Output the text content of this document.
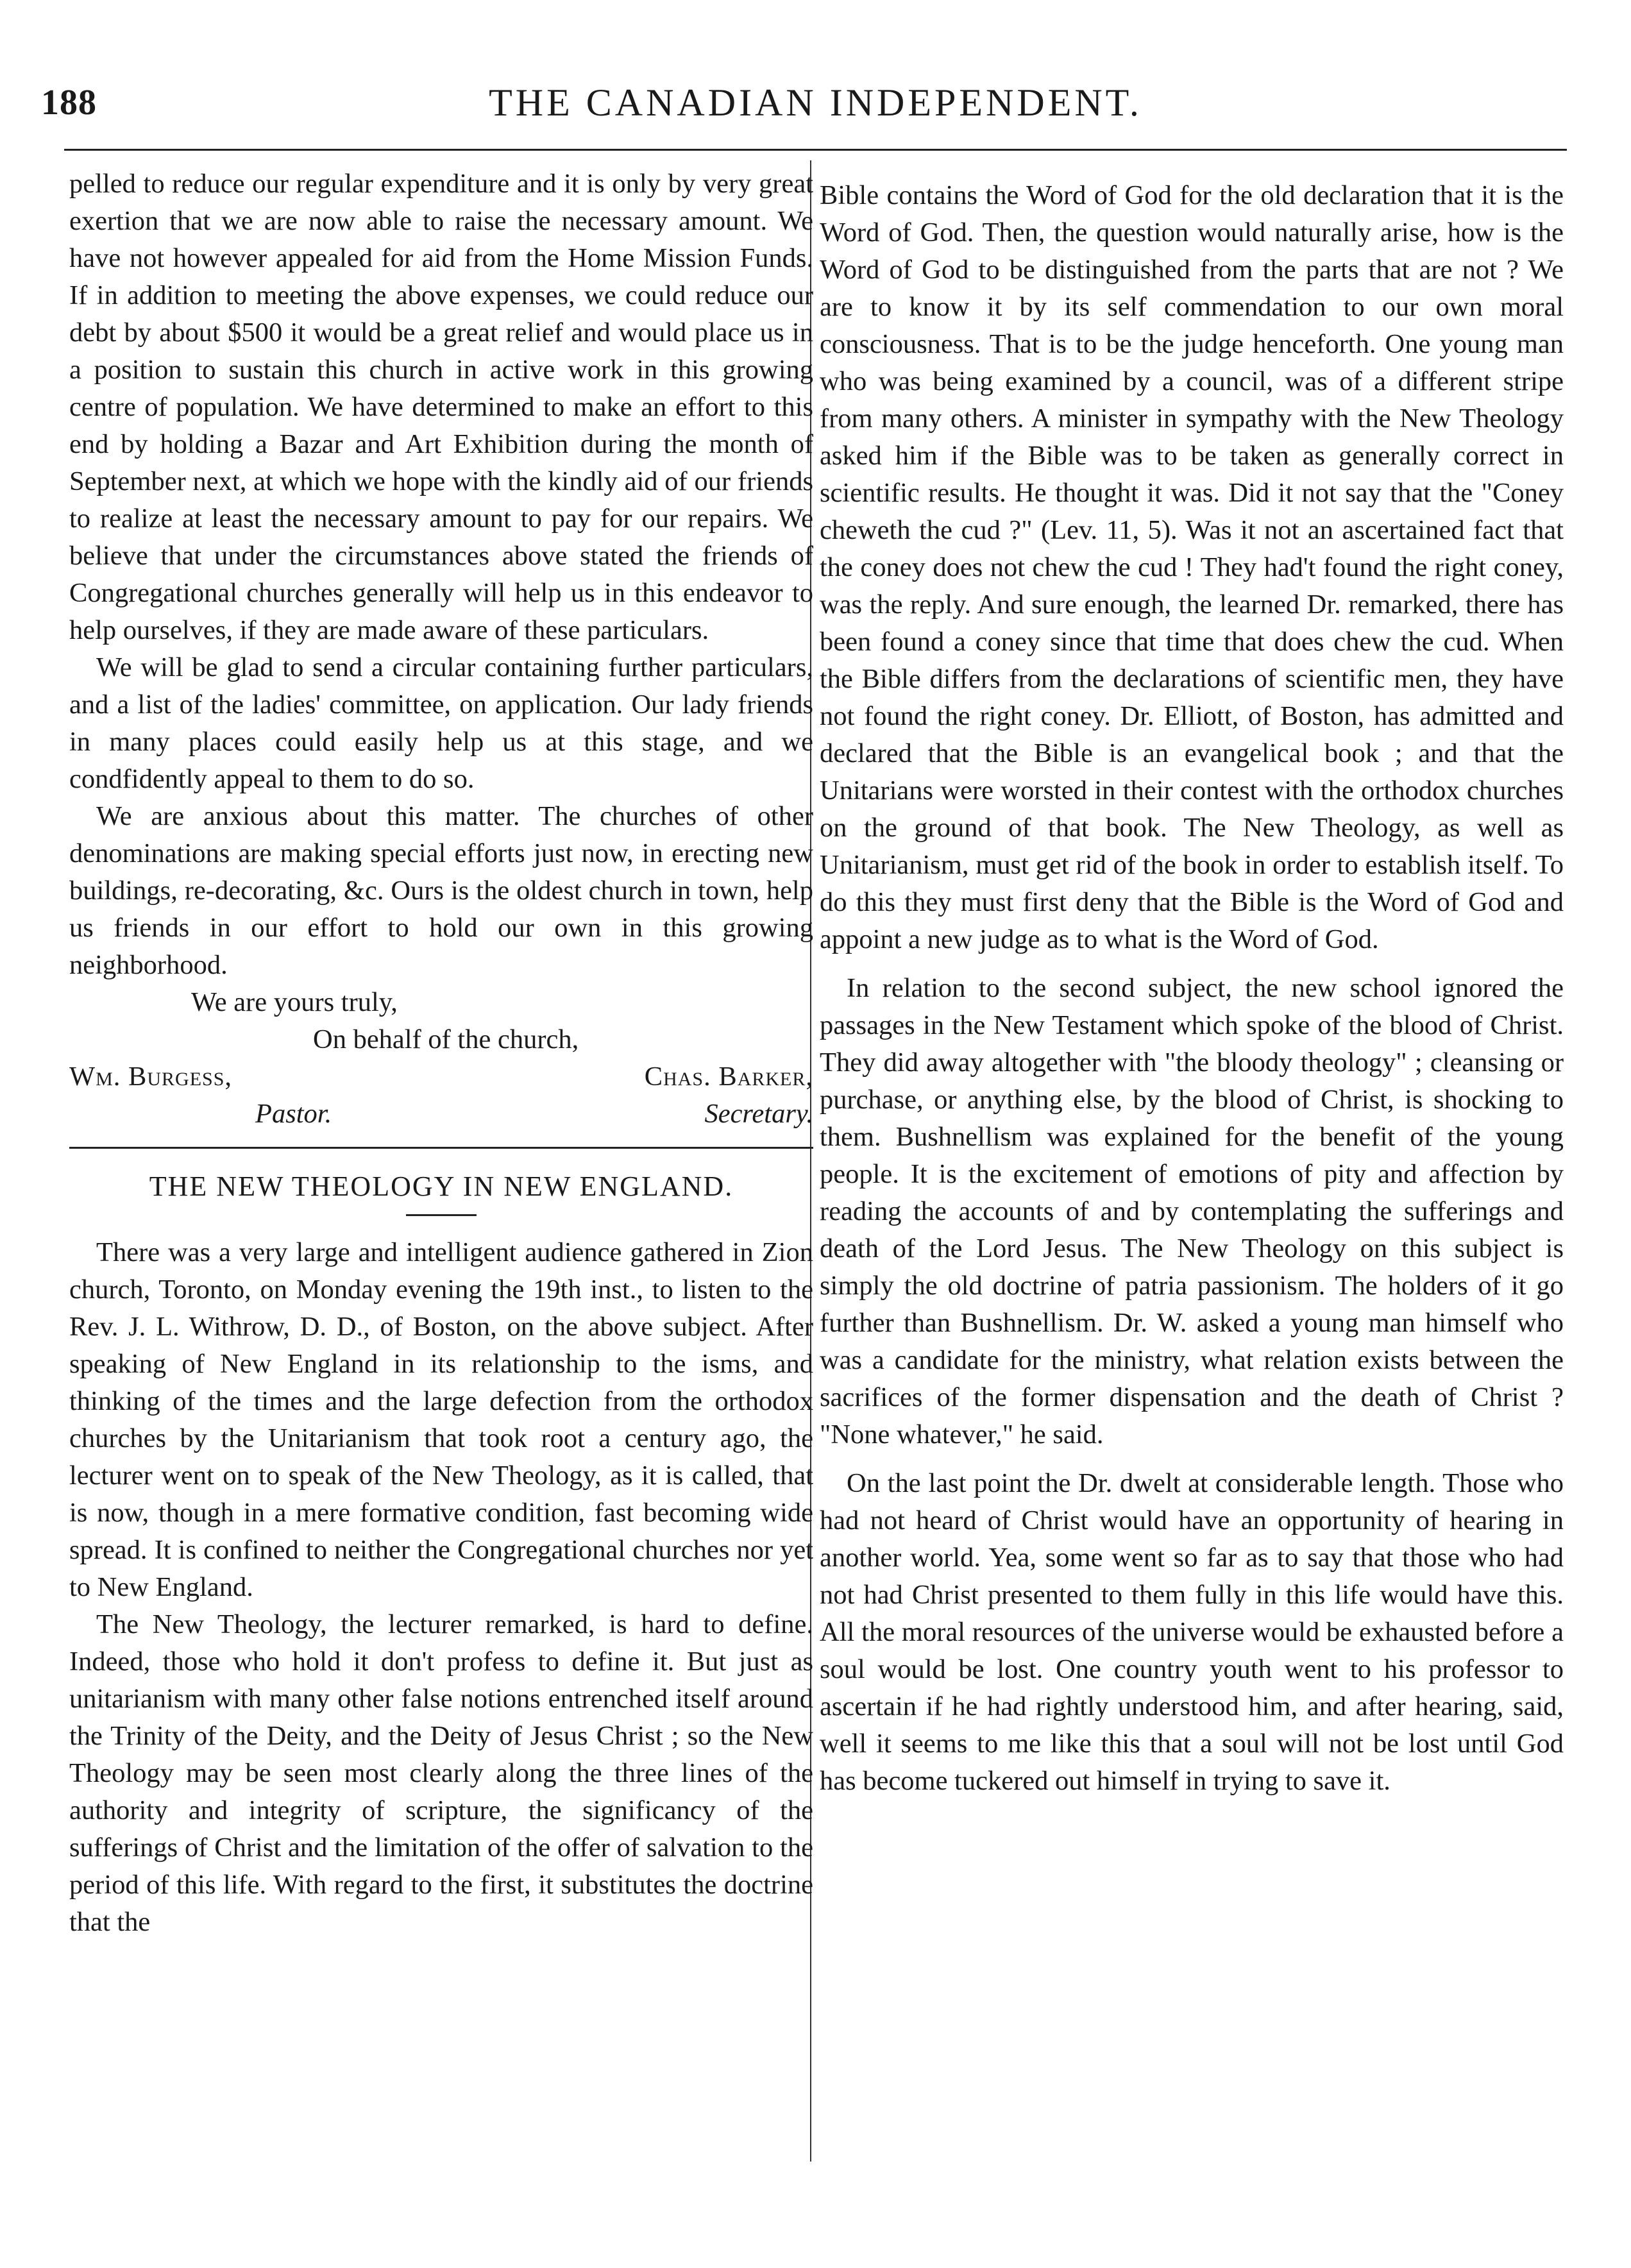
188	THE CANADIAN INDEPENDENT.

pelled to reduce our regular expenditure and it is only by very great exertion that we are now able to raise the necessary amount. We have not however appealed for aid from the Home Mission Funds. If in addition to meeting the above expenses, we could reduce our debt by about $500 it would be a great relief and would place us in a position to sustain this church in active work in this growing centre of population. We have determined to make an effort to this end by holding a Bazar and Art Exhibition during the month of September next, at which we hope with the kindly aid of our friends to realize at least the necessary amount to pay for our repairs. We believe that under the circumstances above stated the friends of Congregational churches generally will help us in this endeavor to help ourselves, if they are made aware of these particulars.

We will be glad to send a circular containing further particulars, and a list of the ladies' committee, on application. Our lady friends in many places could easily help us at this stage, and we condfidently appeal to them to do so.

We are anxious about this matter. The churches of other denominations are making special efforts just now, in erecting new buildings, re-decorating, &c. Ours is the oldest church in town, help us friends in our effort to hold our own in this growing neighborhood.

We are yours truly,
On behalf of the church,
Wm. Burgess,	Chas. Barker,
Pastor.	Secretary.
THE NEW THEOLOGY IN NEW ENGLAND.

There was a very large and intelligent audience gathered in Zion church, Toronto, on Monday evening the 19th inst., to listen to the Rev. J. L. Withrow, D. D., of Boston, on the above subject. After speaking of New England in its relationship to the isms, and thinking of the times and the large defection from the orthodox churches by the Unitarianism that took root a century ago, the lecturer went on to speak of the New Theology, as it is called, that is now, though in a mere formative condition, fast becoming wide spread. It is confined to neither the Congregational churches nor yet to New England.

The New Theology, the lecturer remarked, is hard to define. Indeed, those who hold it don't profess to define it. But just as unitarianism with many other false notions entrenched itself around the Trinity of the Deity, and the Deity of Jesus Christ ; so the New Theology may be seen most clearly along the three lines of the authority and integrity of scripture, the significancy of the sufferings of Christ and the limitation of the offer of salvation to the period of this life. With regard to the first, it substitutes the doctrine that the

Bible contains the Word of God for the old declaration that it is the Word of God. Then, the question would naturally arise, how is the Word of God to be distinguished from the parts that are not ? We are to know it by its self commendation to our own moral consciousness. That is to be the judge henceforth. One young man who was being examined by a council, was of a different stripe from many others. A minister in sympathy with the New Theology asked him if the Bible was to be taken as generally correct in scientific results. He thought it was. Did it not say that the "Coney cheweth the cud ?" (Lev. 11, 5). Was it not an ascertained fact that the coney does not chew the cud ! They had't found the right coney, was the reply. And sure enough, the learned Dr. remarked, there has been found a coney since that time that does chew the cud. When the Bible differs from the declarations of scientific men, they have not found the right coney. Dr. Elliott, of Boston, has admitted and declared that the Bible is an evangelical book ; and that the Unitarians were worsted in their contest with the orthodox churches on the ground of that book. The New Theology, as well as Unitarianism, must get rid of the book in order to establish itself. To do this they must first deny that the Bible is the Word of God and appoint a new judge as to what is the Word of God.

In relation to the second subject, the new school ignored the passages in the New Testament which spoke of the blood of Christ. They did away altogether with "the bloody theology" ; cleansing or purchase, or anything else, by the blood of Christ, is shocking to them. Bushnellism was explained for the benefit of the young people. It is the excitement of emotions of pity and affection by reading the accounts of and by contemplating the sufferings and death of the Lord Jesus. The New Theology on this subject is simply the old doctrine of patria passionism. The holders of it go further than Bushnellism. Dr. W. asked a young man himself who was a candidate for the ministry, what relation exists between the sacrifices of the former dispensation and the death of Christ ? "None whatever," he said.

On the last point the Dr. dwelt at considerable length. Those who had not heard of Christ would have an opportunity of hearing in another world. Yea, some went so far as to say that those who had not had Christ presented to them fully in this life would have this. All the moral resources of the universe would be exhausted before a soul would be lost. One country youth went to his professor to ascertain if he had rightly understood him, and after hearing, said, well it seems to me like this that a soul will not be lost until God has become tuckered out himself in trying to save it.
